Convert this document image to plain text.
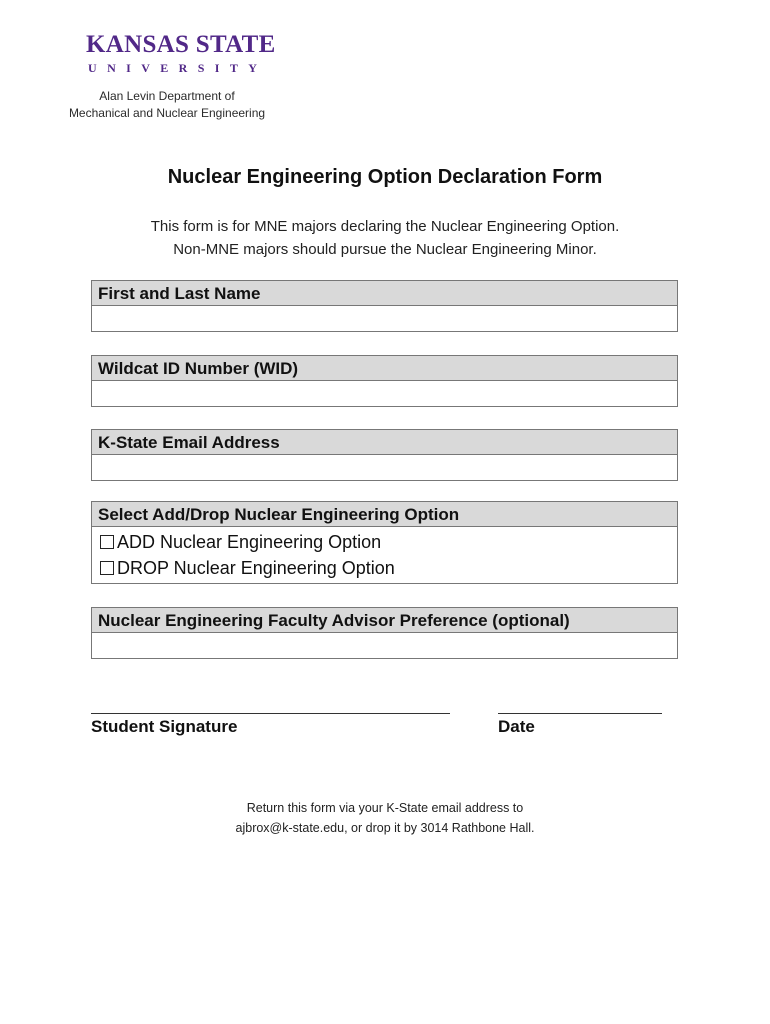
KANSAS STATE
UNIVERSITY
Alan Levin Department of
Mechanical and Nuclear Engineering
Nuclear Engineering Option Declaration Form
This form is for MNE majors declaring the Nuclear Engineering Option.
Non-MNE majors should pursue the Nuclear Engineering Minor.
First and Last Name
Wildcat ID Number (WID)
K-State Email Address
Select Add/Drop Nuclear Engineering Option
ADD Nuclear Engineering Option
DROP Nuclear Engineering Option
Nuclear Engineering Faculty Advisor Preference (optional)
Student Signature	Date
Return this form via your K-State email address to
ajbrox@k-state.edu, or drop it by 3014 Rathbone Hall.
